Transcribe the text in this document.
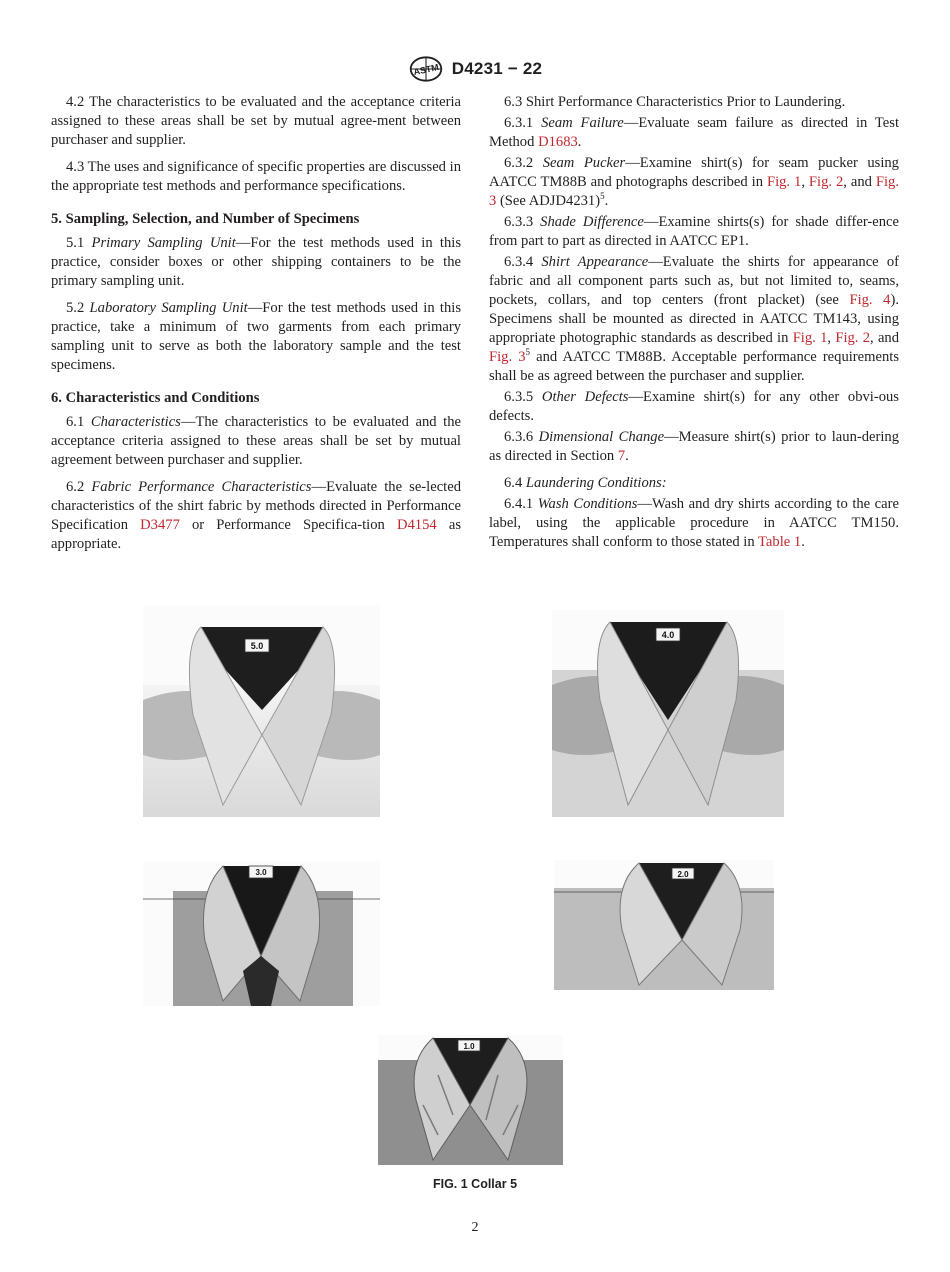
ASTM D4231 − 22

4.2 The characteristics to be evaluated and the acceptance criteria assigned to these areas shall be set by mutual agree-ment between purchaser and supplier.

4.3 The uses and significance of specific properties are discussed in the appropriate test methods and performance specifications.

5. Sampling, Selection, and Number of Specimens

5.1 Primary Sampling Unit—For the test methods used in this practice, consider boxes or other shipping containers to be the primary sampling unit.

5.2 Laboratory Sampling Unit—For the test methods used in this practice, take a minimum of two garments from each primary sampling unit to serve as both the laboratory sample and the test specimens.

6. Characteristics and Conditions

6.1 Characteristics—The characteristics to be evaluated and the acceptance criteria assigned to these areas shall be set by mutual agreement between purchaser and supplier.

6.2 Fabric Performance Characteristics—Evaluate the se-lected characteristics of the shirt fabric by methods directed in Performance Specification D3477 or Performance Specifica-tion D4154 as appropriate.

6.3 Shirt Performance Characteristics Prior to Laundering.

6.3.1 Seam Failure—Evaluate seam failure as directed in Test Method D1683.

6.3.2 Seam Pucker—Examine shirt(s) for seam pucker using AATCC TM88B and photographs described in Fig. 1, Fig. 2, and Fig. 3 (See ADJD4231)$^5$.

6.3.3 Shade Difference—Examine shirts(s) for shade differ-ence from part to part as directed in AATCC EP1.

6.3.4 Shirt Appearance—Evaluate the shirts for appearance of fabric and all component parts such as, but not limited to, seams, pockets, collars, and top centers (front placket) (see Fig. 4). Specimens shall be mounted as directed in AATCC TM143, using appropriate photographic standards as described in Fig. 1, Fig. 2, and Fig. $3^5$ and AATCC TM88B. Acceptable performance requirements shall be as agreed between the purchaser and supplier.

6.3.5 Other Defects—Examine shirt(s) for any other obvi-ous defects.

6.3.6 Dimensional Change—Measure shirt(s) prior to laun-dering as directed in Section 7.

6.4 Laundering Conditions:

6.4.1 Wash Conditions—Wash and dry shirts according to the care label, using the applicable procedure in AATCC TM150. Temperatures shall conform to those stated in Table 1.

5.0
4.0
3.0	2.0
1.0
FIG. 1 Collar 5
2
